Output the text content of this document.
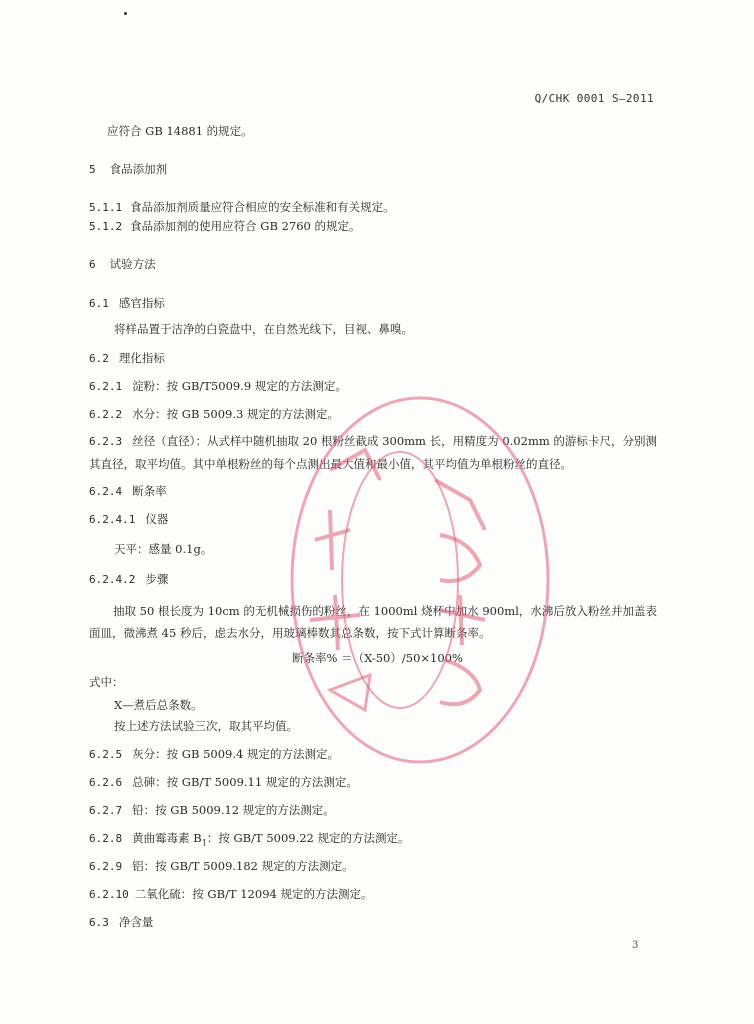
Q/CHK 0001 S—2011
应符合 GB 14881 的规定。
5 食品添加剂
5.1.1 食品添加剂质量应符合相应的安全标准和有关规定。
5.1.2 食品添加剂的使用应符合 GB 2760 的规定。
6 试验方法
6.1 感官指标
将样品置于洁净的白瓷盘中，在自然光线下，目视、鼻嗅。
6.2 理化指标
6.2.1 淀粉：按 GB/T5009.9 规定的方法测定。
6.2.2 水分：按 GB 5009.3 规定的方法测定。
6.2.3 丝径（直径）：从式样中随机抽取 20 根粉丝截成 300mm 长，用精度为 0.02mm 的游标卡尺，分别测其直径，取平均值。其中单根粉丝的每个点测出最大值和最小值，其平均值为单根粉丝的直径。
6.2.4 断条率
6.2.4.1 仪器
天平：感量 0.1g。
6.2.4.2 步骤
抽取 50 根长度为 10cm 的无机械损伤的粉丝，在 1000ml 烧杯中加水 900ml，水沸后放入粉丝并加盖表面皿，微沸煮 45 秒后，虑去水分，用玻璃棒数其总条数，按下式计算断条率。
断条率% ＝（X-50）/50×100%
式中：
X—煮后总条数。
按上述方法试验三次，取其平均值。
6.2.5 灰分：按 GB 5009.4 规定的方法测定。
6.2.6 总砷：按 GB/T 5009.11 规定的方法测定。
6.2.7 铅：按 GB 5009.12 规定的方法测定。
6.2.8 黄曲霉毒素 $B_1$：按 GB/T 5009.22 规定的方法测定。
6.2.9 铝：按 GB/T 5009.182 规定的方法测定。
6.2.10 二氧化硫：按 GB/T 12094 规定的方法测定。
6.3 净含量
3
